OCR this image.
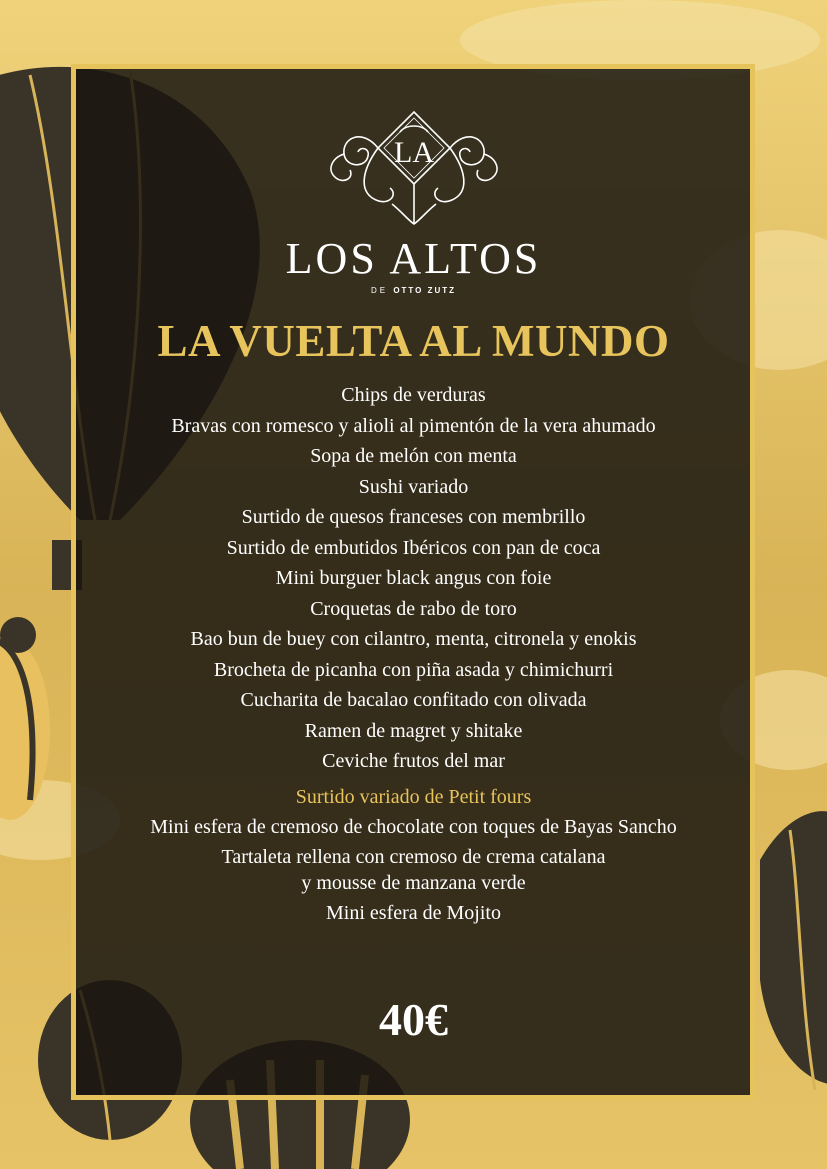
LA
LOS ALTOS
DE OTTO ZUTZ
LA VUELTA AL MUNDO
Chips de verduras
Bravas con romesco y alioli al pimentón de la vera ahumado
Sopa de melón con menta
Sushi variado
Surtido de quesos franceses con membrillo
Surtido de embutidos Ibéricos con pan de coca
Mini burguer black angus con foie
Croquetas de rabo de toro
Bao bun de buey con cilantro, menta, citronela y enokis
Brocheta de picanha con piña asada y chimichurri
Cucharita de bacalao confitado con olivada
Ramen de magret y shitake
Ceviche frutos del mar
Surtido variado de Petit fours
Mini esfera de cremoso de chocolate con toques de Bayas Sancho
Tartaleta rellena con cremoso de crema catalana
y mousse de manzana verde
Mini esfera de Mojito
40€
